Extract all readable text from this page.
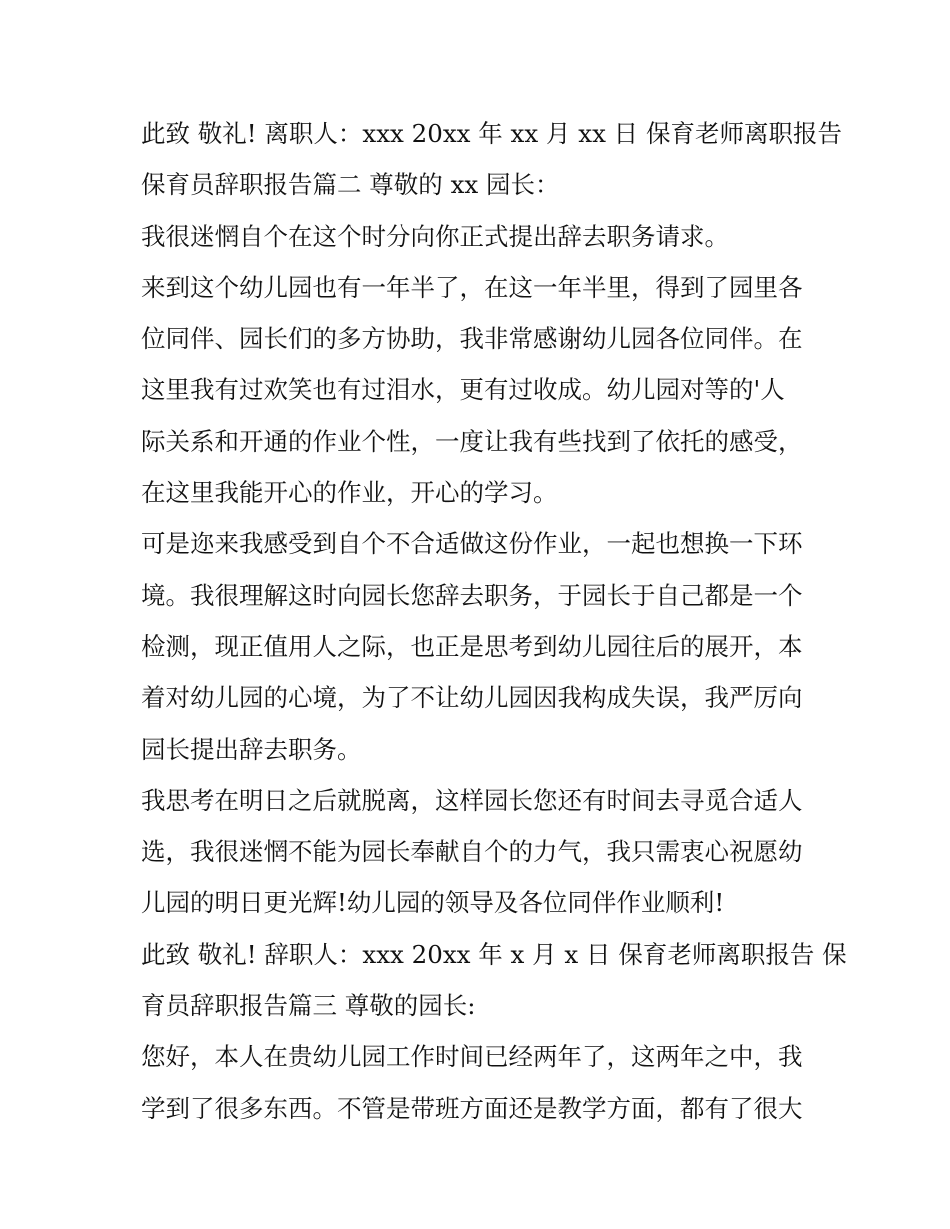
此致 敬礼! 离职人：xxx 20xx 年 xx 月 xx 日 保育老师离职报告
保育员辞职报告篇二 尊敬的 xx 园长：
我很迷惘自个在这个时分向你正式提出辞去职务请求。
来到这个幼儿园也有一年半了，在这一年半里，得到了园里各
位同伴、园长们的多方协助，我非常感谢幼儿园各位同伴。在
这里我有过欢笑也有过泪水，更有过收成。幼儿园对等的'人
际关系和开通的作业个性，一度让我有些找到了依托的感受，
在这里我能开心的作业，开心的学习。
可是迩来我感受到自个不合适做这份作业，一起也想换一下环
境。我很理解这时向园长您辞去职务，于园长于自己都是一个
检测，现正值用人之际，也正是思考到幼儿园往后的展开，本
着对幼儿园的心境，为了不让幼儿园因我构成失误，我严厉向
园长提出辞去职务。
我思考在明日之后就脱离，这样园长您还有时间去寻觅合适人
选，我很迷惘不能为园长奉献自个的力气，我只需衷心祝愿幼
儿园的明日更光辉!幼儿园的领导及各位同伴作业顺利!
此致 敬礼! 辞职人：xxx 20xx 年 x 月 x 日 保育老师离职报告 保
育员辞职报告篇三 尊敬的园长:
您好，本人在贵幼儿园工作时间已经两年了，这两年之中，我
学到了很多东西。不管是带班方面还是教学方面，都有了很大
